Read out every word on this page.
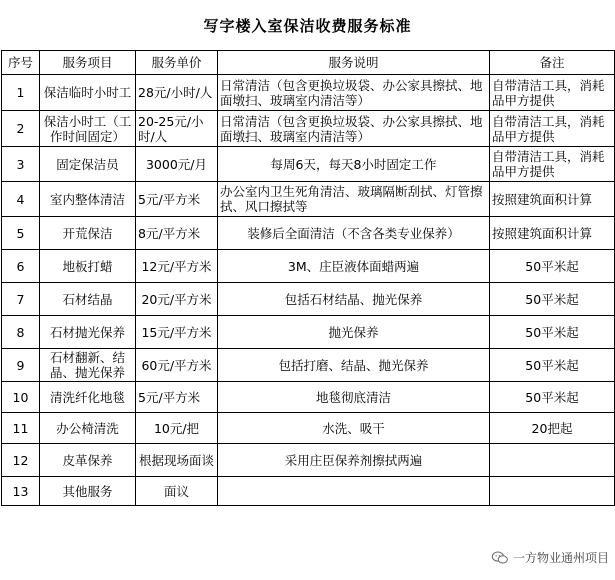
写字楼入室保洁收费服务标准
序号	服务项目	服务单价	服务说明	备注
1	保洁临时小时工	28元/小时/人	日常清洁（包含更换垃圾袋、办公家具擦拭、地面墩扫、玻璃室内清洁等）	自带清洁工具，消耗品甲方提供
2	保洁小时工（工作时间固定）	20-25元/小时/人	日常清洁（包含更换垃圾袋、办公家具擦拭、地面墩扫、玻璃室内清洁等）	自带清洁工具，消耗品甲方提供
3	固定保洁员	3000元/月	每周6天，每天8小时固定工作	自带清洁工具，消耗品甲方提供
4	室内整体清洁	5元/平方米	办公室内卫生死角清洁、玻璃隔断刮拭、灯管擦拭、风口擦拭等	按照建筑面积计算
5	开荒保洁	8元/平方米	装修后全面清洁（不含各类专业保养）	按照建筑面积计算
6	地板打蜡	12元/平方米	3M、庄臣液体面蜡两遍	50平米起
7	石材结晶	20元/平方米	包括石材结晶、抛光保养	50平米起
8	石材抛光保养	15元/平方米	抛光保养	50平米起
9	石材翻新、结晶、抛光保养	60元/平方米	包括打磨、结晶、抛光保养	50平米起
10	清洗纤化地毯	5元/平方米	地毯彻底清洁	50平米起
11	办公椅清洗	10元/把	水洗、吸干	20把起
12	皮革保养	根据现场面谈	采用庄臣保养剂擦拭两遍	
13	其他服务	面议		
一方物业通州项目
